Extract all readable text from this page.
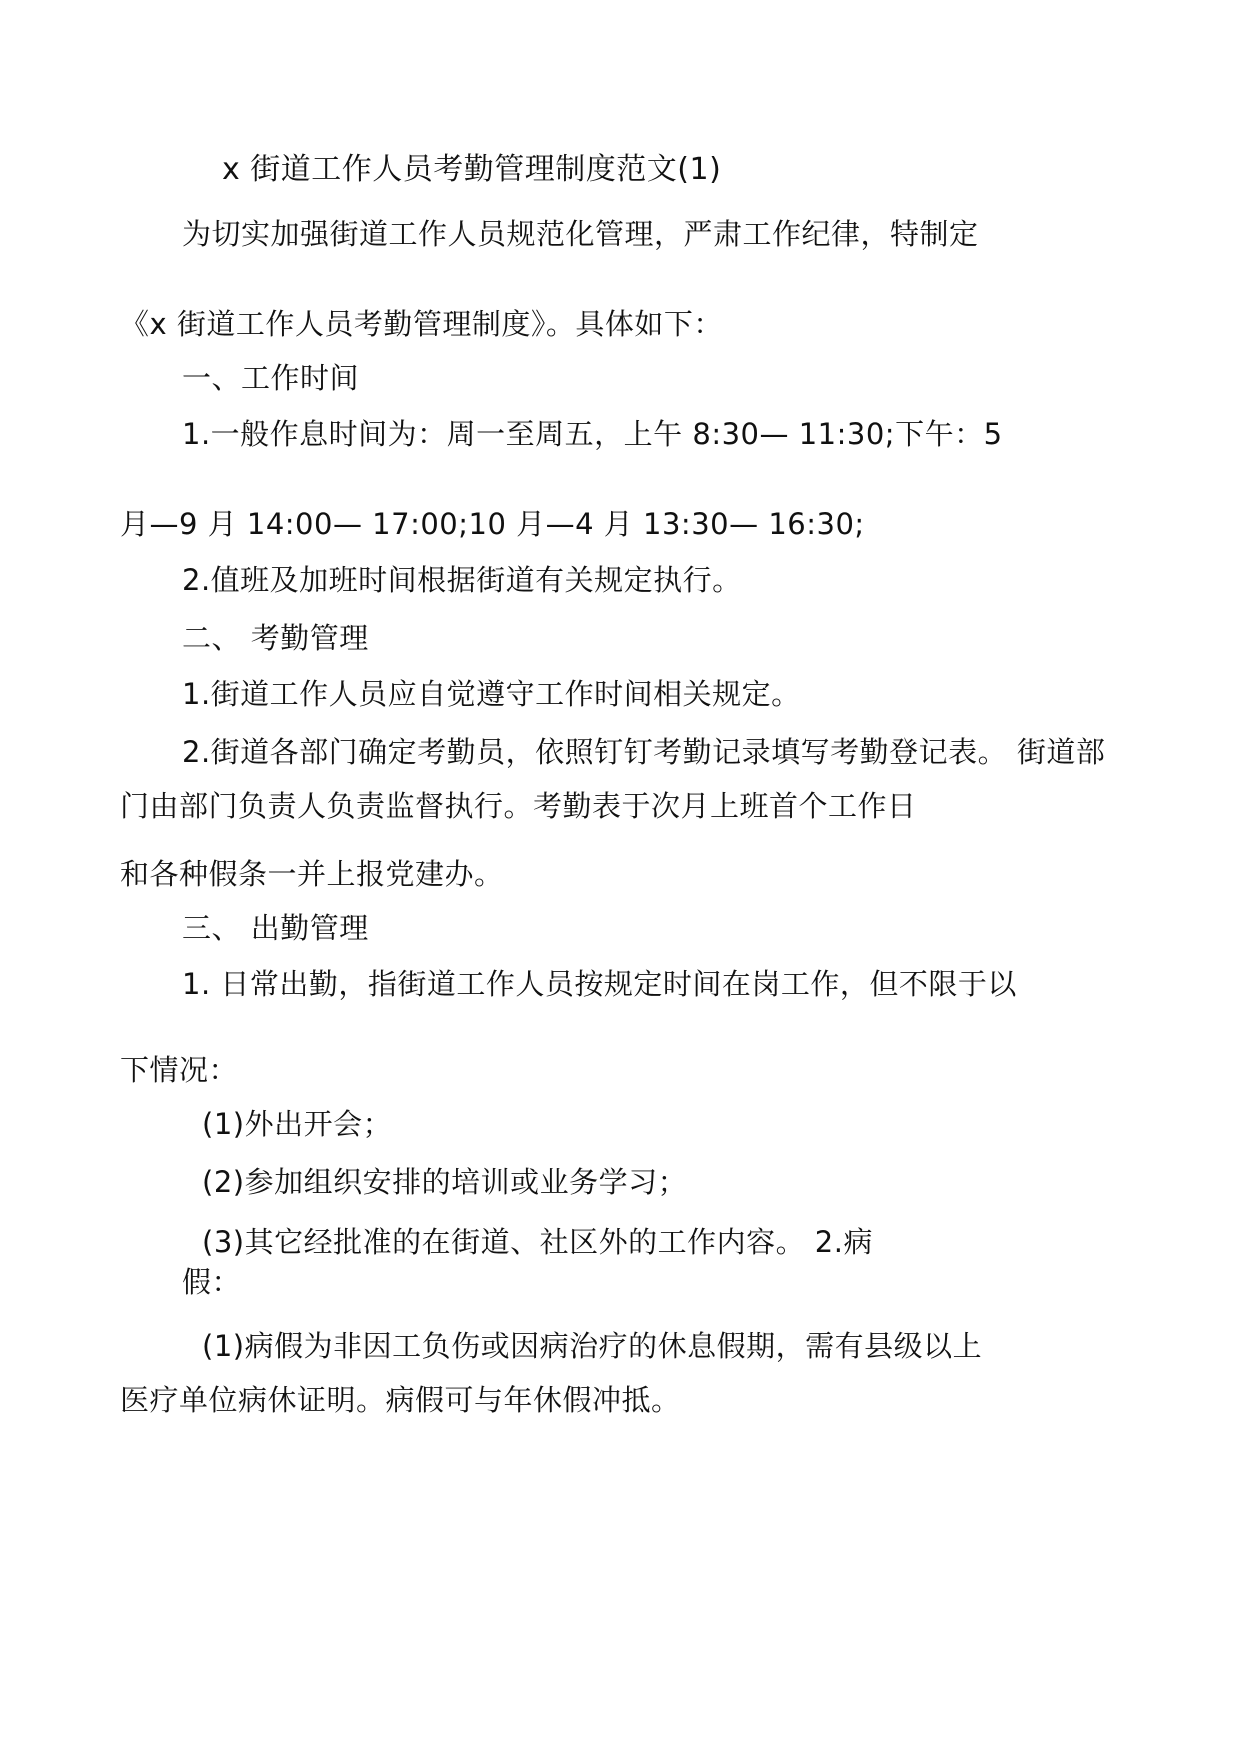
x 街道工作人员考勤管理制度范文(1)
为切实加强街道工作人员规范化管理，严肃工作纪律，特制定
《x 街道工作人员考勤管理制度》。具体如下：
一、工作时间
1.一般作息时间为：周一至周五，上午 8:30— 11:30;下午：5
月—9 月 14:00— 17:00;10 月—4 月 13:30— 16:30;
2.值班及加班时间根据街道有关规定执行。
二、 考勤管理
1.街道工作人员应自觉遵守工作时间相关规定。
2.街道各部门确定考勤员，依照钉钉考勤记录填写考勤登记表。 街道部
门由部门负责人负责监督执行。考勤表于次月上班首个工作日
和各种假条一并上报党建办。
三、 出勤管理
1. 日常出勤，指街道工作人员按规定时间在岗工作，但不限于以
下情况：
(1)外出开会；
(2)参加组织安排的培训或业务学习；
(3)其它经批准的在街道、社区外的工作内容。 2.病
假：
(1)病假为非因工负伤或因病治疗的休息假期，需有县级以上
医疗单位病休证明。病假可与年休假冲抵。
